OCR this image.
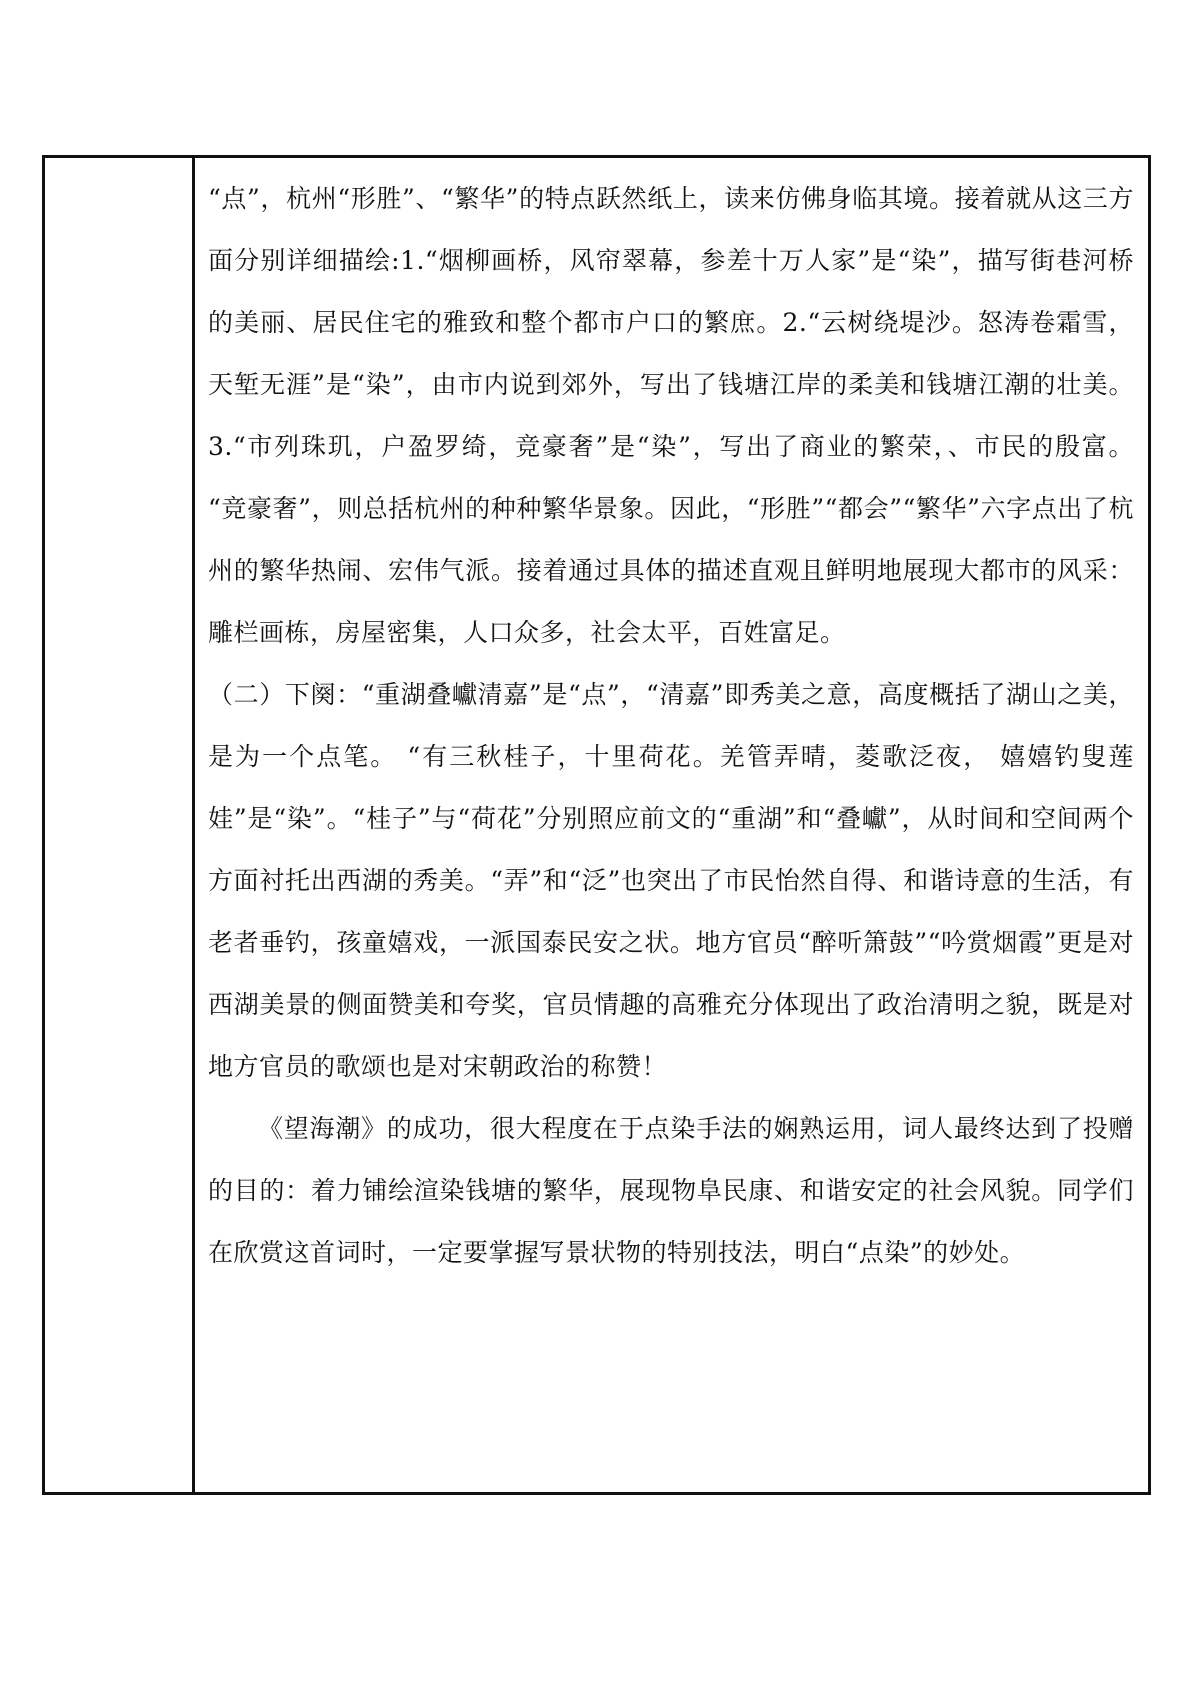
“点”，杭州“形胜”、“繁华”的特点跃然纸上，读来仿佛身临其境。接着就从这三方面分别详细描绘:1.“烟柳画桥，风帘翠幕，参差十万人家”是“染”，描写街巷河桥的美丽、居民住宅的雅致和整个都市户口的繁庶。2.“云树绕堤沙。怒涛卷霜雪，天堑无涯”是“染”，由市内说到郊外，写出了钱塘江岸的柔美和钱塘江潮的壮美。3.“市列珠玑，户盈罗绮，竞豪奢”是“染”，写出了商业的繁荣，、市民的殷富。 “竞豪奢”，则总括杭州的种种繁华景象。因此，“形胜”“都会”“繁华”六字点出了杭州的繁华热闹、宏伟气派。接着通过具体的描述直观且鲜明地展现大都市的风采：雕栏画栋，房屋密集，人口众多，社会太平，百姓富足。

（二）下阕：“重湖叠巘清嘉”是“点”，“清嘉”即秀美之意，高度概括了湖山之美，是为一个点笔。 “有三秋桂子，十里荷花。羌管弄晴，菱歌泛夜， 嬉嬉钓叟莲娃”是“染”。“桂子”与“荷花”分别照应前文的“重湖”和“叠巘”，从时间和空间两个方面衬托出西湖的秀美。“弄”和“泛”也突出了市民怡然自得、和谐诗意的生活，有老者垂钓，孩童嬉戏，一派国泰民安之状。地方官员“醉听箫鼓”“吟赏烟霞”更是对西湖美景的侧面赞美和夸奖，官员情趣的高雅充分体现出了政治清明之貌，既是对地方官员的歌颂也是对宋朝政治的称赞！

《望海潮》的成功，很大程度在于点染手法的娴熟运用，词人最终达到了投赠的目的：着力铺绘渲染钱塘的繁华，展现物阜民康、和谐安定的社会风貌。同学们在欣赏这首词时，一定要掌握写景状物的特别技法，明白“点染”的妙处。
